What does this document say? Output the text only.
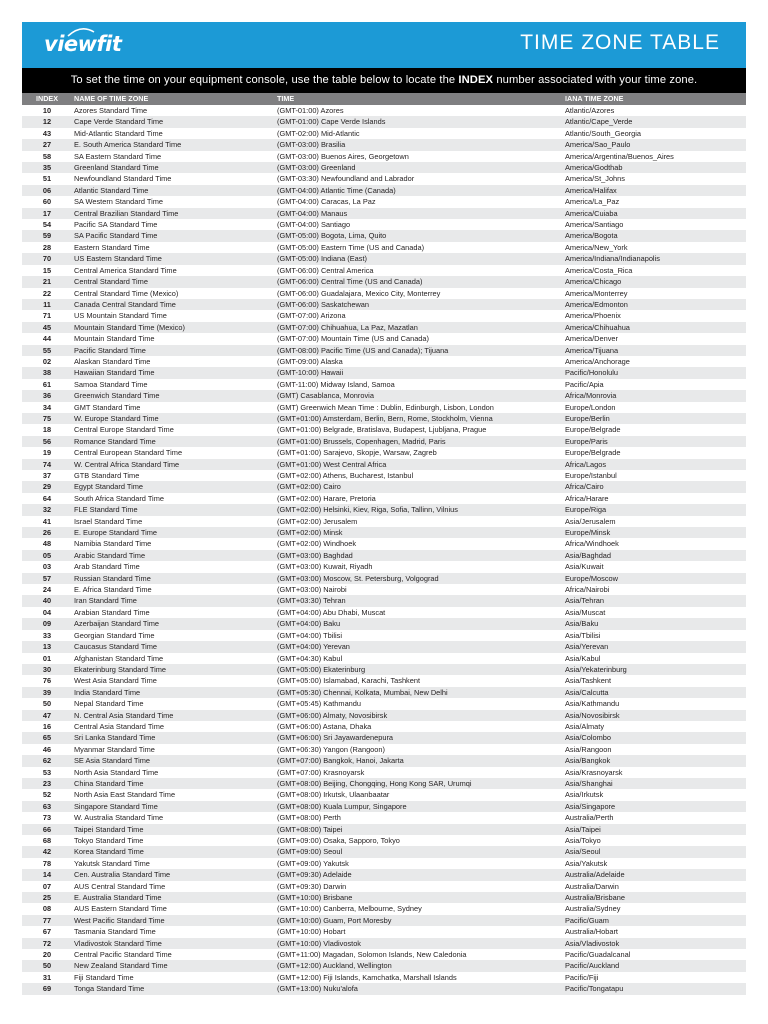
viewfit	TIME ZONE TABLE
To set the time on your equipment console, use the table below to locate the INDEX number associated with your time zone.
INDEX	NAME OF TIME ZONE	TIME	IANA TIME ZONE
10	Azores Standard Time	(GMT-01:00) Azores	Atlantic/Azores
12	Cape Verde Standard Time	(GMT-01:00) Cape Verde Islands	Atlantic/Cape_Verde
43	Mid-Atlantic Standard Time	(GMT-02:00) Mid-Atlantic	Atlantic/South_Georgia
27	E. South America Standard Time	(GMT-03:00) Brasilia	America/Sao_Paulo
58	SA Eastern Standard Time	(GMT-03:00) Buenos Aires, Georgetown	America/Argentina/Buenos_Aires
35	Greenland Standard Time	(GMT-03:00) Greenland	America/Godthab
51	Newfoundland Standard Time	(GMT-03:30) Newfoundland and Labrador	America/St_Johns
06	Atlantic Standard Time	(GMT-04:00) Atlantic Time (Canada)	America/Halifax
60	SA Western Standard Time	(GMT-04:00) Caracas, La Paz	America/La_Paz
17	Central Brazilian Standard Time	(GMT-04:00) Manaus	America/Cuiaba
54	Pacific SA Standard Time	(GMT-04:00) Santiago	America/Santiago
59	SA Pacific Standard Time	(GMT-05:00) Bogota, Lima, Quito	America/Bogota
28	Eastern Standard Time	(GMT-05:00) Eastern Time (US and Canada)	America/New_York
70	US Eastern Standard Time	(GMT-05:00) Indiana (East)	America/Indiana/Indianapolis
15	Central America Standard Time	(GMT-06:00) Central America	America/Costa_Rica
21	Central Standard Time	(GMT-06:00) Central Time (US and Canada)	America/Chicago
22	Central Standard Time (Mexico)	(GMT-06:00) Guadalajara, Mexico City, Monterrey	America/Monterrey
11	Canada Central Standard Time	(GMT-06:00) Saskatchewan	America/Edmonton
71	US Mountain Standard Time	(GMT-07:00) Arizona	America/Phoenix
45	Mountain Standard Time (Mexico)	(GMT-07:00) Chihuahua, La Paz, Mazatlan	America/Chihuahua
44	Mountain Standard Time	(GMT-07:00) Mountain Time (US and Canada)	America/Denver
55	Pacific Standard Time	(GMT-08:00) Pacific Time (US and Canada); Tijuana	America/Tijuana
02	Alaskan Standard Time	(GMT-09:00) Alaska	America/Anchorage
38	Hawaiian Standard Time	(GMT-10:00) Hawaii	Pacific/Honolulu
61	Samoa Standard Time	(GMT-11:00) Midway Island, Samoa	Pacific/Apia
36	Greenwich Standard Time	(GMT) Casablanca, Monrovia	Africa/Monrovia
34	GMT Standard Time	(GMT) Greenwich Mean Time : Dublin, Edinburgh, Lisbon, London	Europe/London
75	W. Europe Standard Time	(GMT+01:00) Amsterdam, Berlin, Bern, Rome, Stockholm, Vienna	Europe/Berlin
18	Central Europe Standard Time	(GMT+01:00) Belgrade, Bratislava, Budapest, Ljubljana, Prague	Europe/Belgrade
56	Romance Standard Time	(GMT+01:00) Brussels, Copenhagen, Madrid, Paris	Europe/Paris
19	Central European Standard Time	(GMT+01:00) Sarajevo, Skopje, Warsaw, Zagreb	Europe/Belgrade
74	W. Central Africa Standard Time	(GMT+01:00) West Central Africa	Africa/Lagos
37	GTB Standard Time	(GMT+02:00) Athens, Bucharest, Istanbul	Europe/Istanbul
29	Egypt Standard Time	(GMT+02:00) Cairo	Africa/Cairo
64	South Africa Standard Time	(GMT+02:00) Harare, Pretoria	Africa/Harare
32	FLE Standard Time	(GMT+02:00) Helsinki, Kiev, Riga, Sofia, Tallinn, Vilnius	Europe/Riga
41	Israel Standard Time	(GMT+02:00) Jerusalem	Asia/Jerusalem
26	E. Europe Standard Time	(GMT+02:00) Minsk	Europe/Minsk
48	Namibia Standard Time	(GMT+02:00) Windhoek	Africa/Windhoek
05	Arabic Standard Time	(GMT+03:00) Baghdad	Asia/Baghdad
03	Arab Standard Time	(GMT+03:00) Kuwait, Riyadh	Asia/Kuwait
57	Russian Standard Time	(GMT+03:00) Moscow, St. Petersburg, Volgograd	Europe/Moscow
24	E. Africa Standard Time	(GMT+03:00) Nairobi	Africa/Nairobi
40	Iran Standard Time	(GMT+03:30) Tehran	Asia/Tehran
04	Arabian Standard Time	(GMT+04:00) Abu Dhabi, Muscat	Asia/Muscat
09	Azerbaijan Standard Time	(GMT+04:00) Baku	Asia/Baku
33	Georgian Standard Time	(GMT+04:00) Tbilisi	Asia/Tbilisi
13	Caucasus Standard Time	(GMT+04:00) Yerevan	Asia/Yerevan
01	Afghanistan Standard Time	(GMT+04:30) Kabul	Asia/Kabul
30	Ekaterinburg Standard Time	(GMT+05:00) Ekaterinburg	Asia/Yekaterinburg
76	West Asia Standard Time	(GMT+05:00) Islamabad, Karachi, Tashkent	Asia/Tashkent
39	India Standard Time	(GMT+05:30) Chennai, Kolkata, Mumbai, New Delhi	Asia/Calcutta
50	Nepal Standard Time	(GMT+05:45) Kathmandu	Asia/Kathmandu
47	N. Central Asia Standard Time	(GMT+06:00) Almaty, Novosibirsk	Asia/Novosibirsk
16	Central Asia Standard Time	(GMT+06:00) Astana, Dhaka	Asia/Almaty
65	Sri Lanka Standard Time	(GMT+06:00) Sri Jayawardenepura	Asia/Colombo
46	Myanmar Standard Time	(GMT+06:30) Yangon (Rangoon)	Asia/Rangoon
62	SE Asia Standard Time	(GMT+07:00) Bangkok, Hanoi, Jakarta	Asia/Bangkok
53	North Asia Standard Time	(GMT+07:00) Krasnoyarsk	Asia/Krasnoyarsk
23	China Standard Time	(GMT+08:00) Beijing, Chongqing, Hong Kong SAR, Urumqi	Asia/Shanghai
52	North Asia East Standard Time	(GMT+08:00) Irkutsk, Ulaanbaatar	Asia/Irkutsk
63	Singapore Standard Time	(GMT+08:00) Kuala Lumpur, Singapore	Asia/Singapore
73	W. Australia Standard Time	(GMT+08:00) Perth	Australia/Perth
66	Taipei Standard Time	(GMT+08:00) Taipei	Asia/Taipei
68	Tokyo Standard Time	(GMT+09:00) Osaka, Sapporo, Tokyo	Asia/Tokyo
42	Korea Standard Time	(GMT+09:00) Seoul	Asia/Seoul
78	Yakutsk Standard Time	(GMT+09:00) Yakutsk	Asia/Yakutsk
14	Cen. Australia Standard Time	(GMT+09:30) Adelaide	Australia/Adelaide
07	AUS Central Standard Time	(GMT+09:30) Darwin	Australia/Darwin
25	E. Australia Standard Time	(GMT+10:00) Brisbane	Australia/Brisbane
08	AUS Eastern Standard Time	(GMT+10:00) Canberra, Melbourne, Sydney	Australia/Sydney
77	West Pacific Standard Time	(GMT+10:00) Guam, Port Moresby	Pacific/Guam
67	Tasmania Standard Time	(GMT+10:00) Hobart	Australia/Hobart
72	Vladivostok Standard Time	(GMT+10:00) Vladivostok	Asia/Vladivostok
20	Central Pacific Standard Time	(GMT+11:00) Magadan, Solomon Islands, New Caledonia	Pacific/Guadalcanal
50	New Zealand Standard Time	(GMT+12:00) Auckland, Wellington	Pacific/Auckland
31	Fiji Standard Time	(GMT+12:00) Fiji Islands, Kamchatka, Marshall Islands	Pacific/Fiji
69	Tonga Standard Time	(GMT+13:00) Nuku'alofa	Pacific/Tongatapu
